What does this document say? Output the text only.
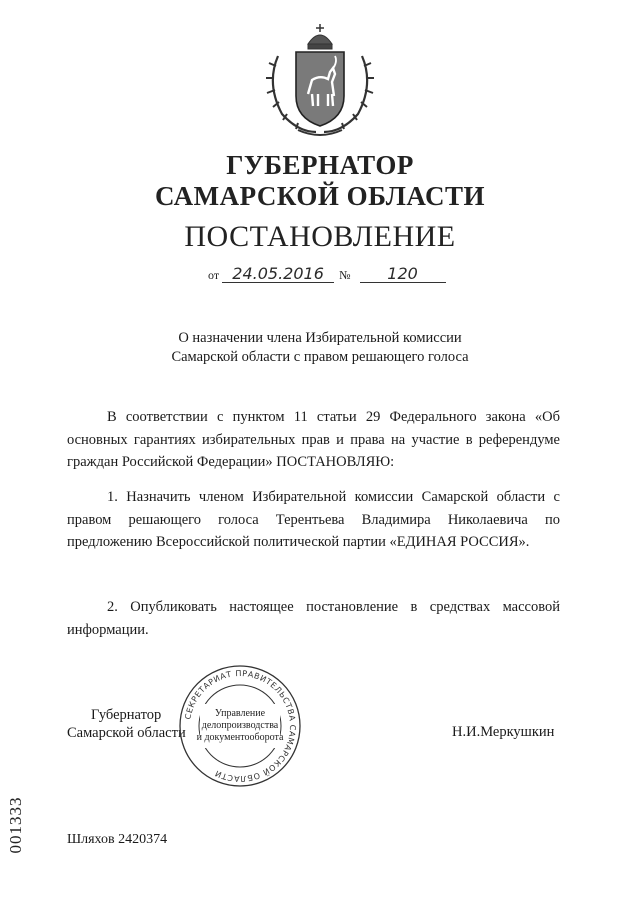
ГУБЕРНАТОР
САМАРСКОЙ ОБЛАСТИ
ПОСТАНОВЛЕНИЕ
от 24.05.2016 № 120
О назначении члена Избирательной комиссии
Самарской области с правом решающего голоса

В соответствии с пунктом 11 статьи 29 Федерального закона «Об основных гарантиях избирательных прав и права на участие в референдуме граждан Российской Федерации» ПОСТАНОВЛЯЮ:

1. Назначить членом Избирательной комиссии Самарской области с правом решающего голоса Терентьева Владимира Николаевича по предложению Всероссийской политической партии «ЕДИНАЯ РОССИЯ».

2. Опубликовать настоящее постановление в средствах массовой информации.

Губернатор
Самарской области	Н.И.Меркушкин
СЕКРЕТАРИАТ ПРАВИТЕЛЬСТВА САМАРСКОЙ ОБЛАСТИ
Управление
делопроизводства
и документооборота
001333	Шляхов 2420374
